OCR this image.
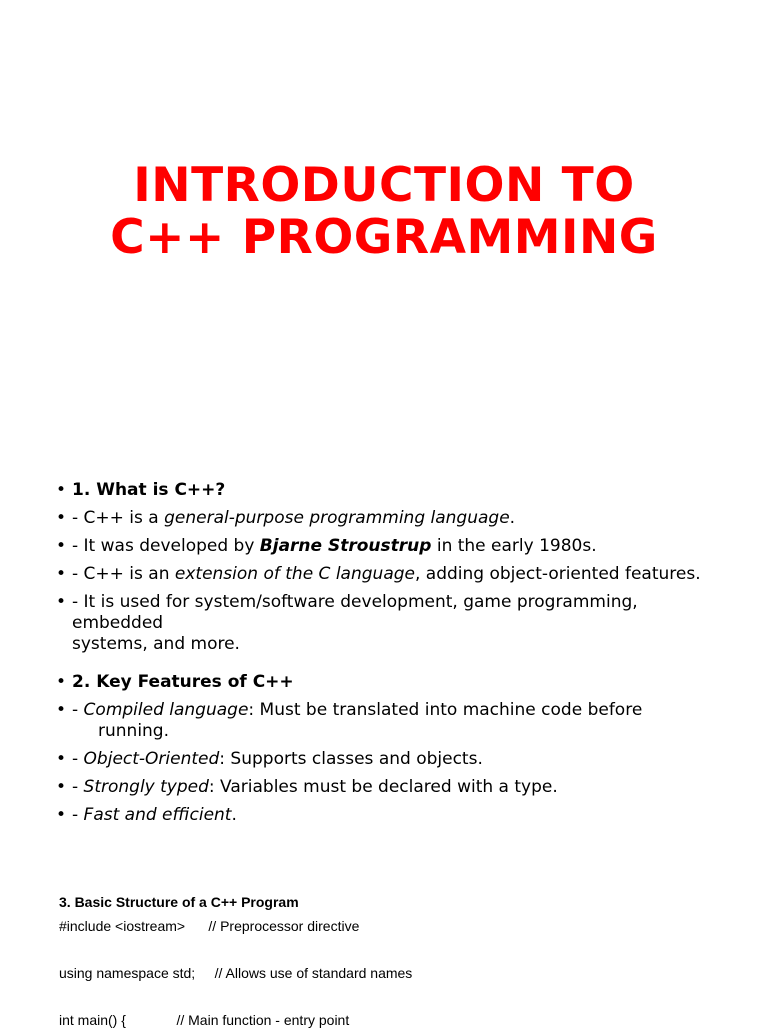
INTRODUCTION TO
C++ PROGRAMMING
• 1. What is C++?
• - C++ is a general-purpose programming language.
• - It was developed by Bjarne Stroustrup in the early 1980s.
• - C++ is an extension of the C language, adding object-oriented features.
• - It is used for system/software development, game programming, embedded
systems, and more.
• 2. Key Features of C++
• - Compiled language: Must be translated into machine code before
running.
• - Object-Oriented: Supports classes and objects.
• - Strongly typed: Variables must be declared with a type.
• - Fast and efficient.

3. Basic Structure of a C++ Program

#include <iostream>      // Preprocessor directive

using namespace std;     // Allows use of standard names

int main() {             // Main function - entry point
